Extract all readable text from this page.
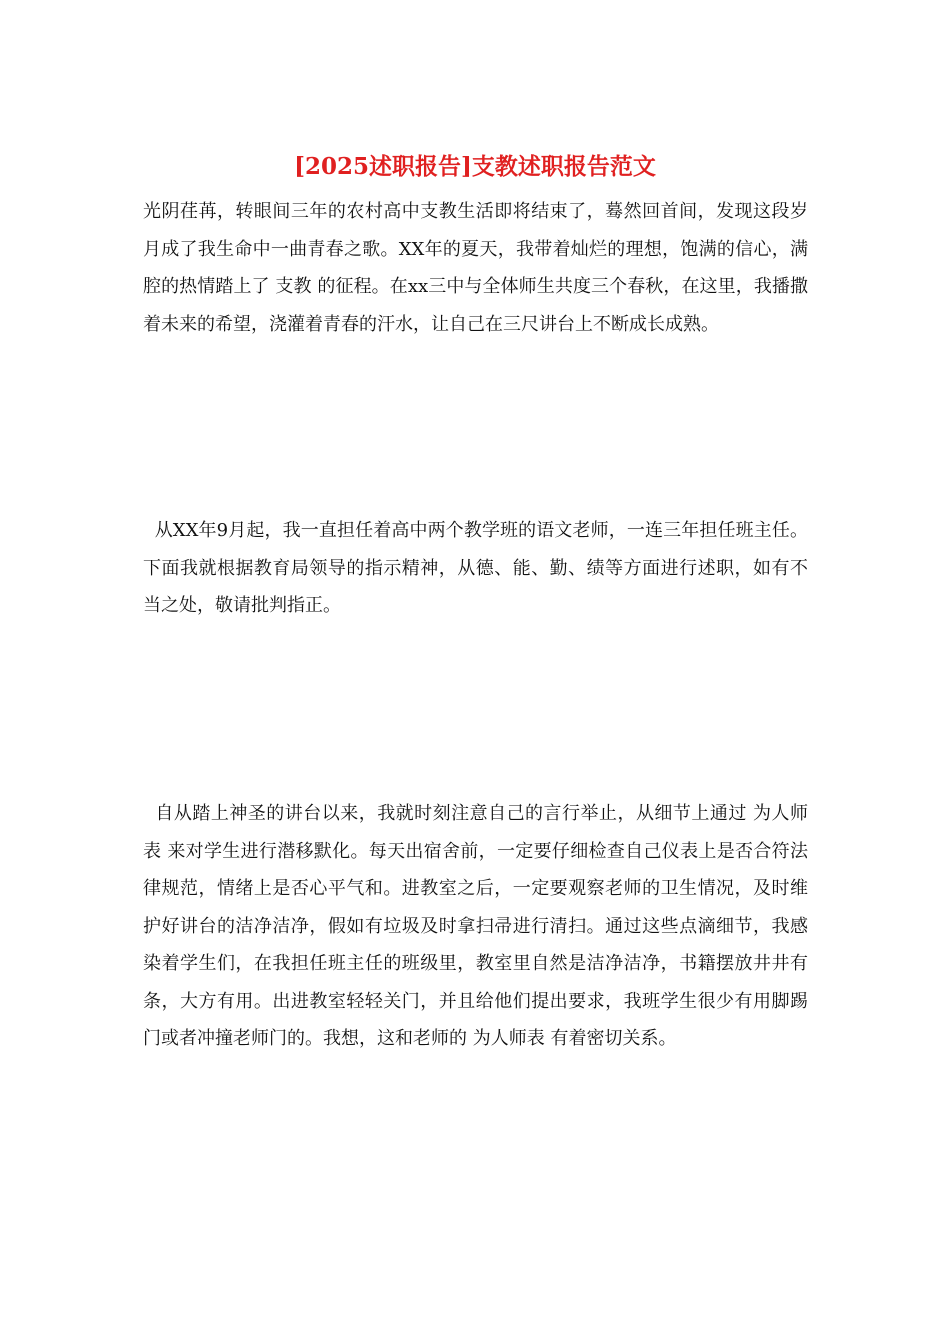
[2025述职报告]支教述职报告范文

光阴荏苒，转眼间三年的农村高中支教生活即将结束了，蓦然回首间，发现这段岁月成了我生命中一曲青春之歌。XX年的夏天，我带着灿烂的理想，饱满的信心，满腔的热情踏上了 支教 的征程。在xx三中与全体师生共度三个春秋，在这里，我播撒着未来的希望，浇灌着青春的汗水，让自己在三尺讲台上不断成长成熟。

从XX年9月起，我一直担任着高中两个教学班的语文老师，一连三年担任班主任。下面我就根据教育局领导的指示精神，从德、能、勤、绩等方面进行述职，如有不当之处，敬请批判指正。

自从踏上神圣的讲台以来，我就时刻注意自己的言行举止，从细节上通过 为人师表 来对学生进行潜移默化。每天出宿舍前，一定要仔细检查自己仪表上是否合符法律规范，情绪上是否心平气和。进教室之后，一定要观察老师的卫生情况，及时维护好讲台的洁净洁净，假如有垃圾及时拿扫帚进行清扫。通过这些点滴细节，我感染着学生们，在我担任班主任的班级里，教室里自然是洁净洁净，书籍摆放井井有条，大方有用。出进教室轻轻关门，并且给他们提出要求，我班学生很少有用脚踢门或者冲撞老师门的。我想，这和老师的 为人师表 有着密切关系。
